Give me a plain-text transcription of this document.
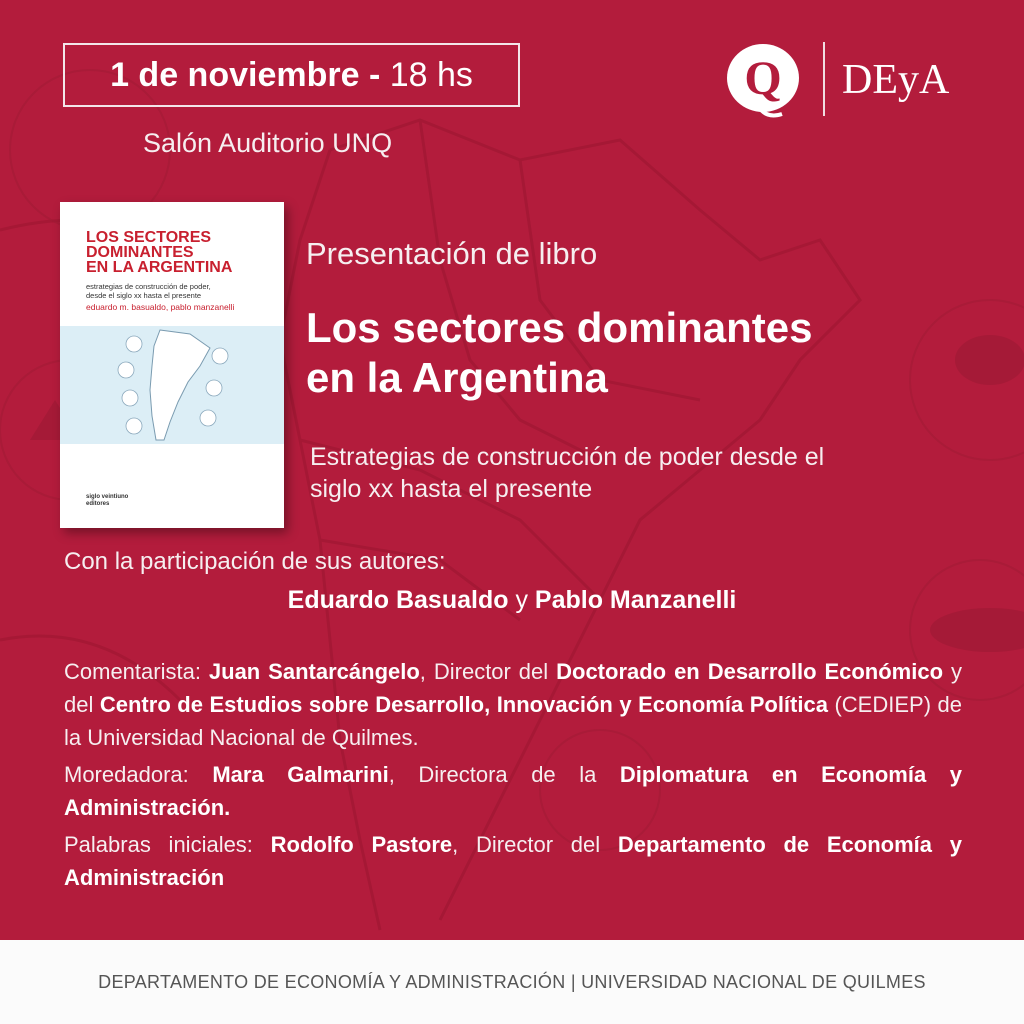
1 de noviembre -
18 hs
Salón Auditorio UNQ
Q DEyA
LOS SECTORES
DOMINANTES
EN LA ARGENTINA
estrategias de construcción de poder,
desde el siglo xx hasta el presente
eduardo m. basualdo, pablo manzanelli
siglo veintiuno
editores
Presentación de libro
Los sectores dominantes
en la Argentina
Estrategias de construcción de poder desde el
siglo xx hasta el presente
Con la participación de sus autores:
Eduardo Basualdo y Pablo Manzanelli

Comentarista: Juan Santarcángelo, Director del Doctorado en Desarrollo Económico y del Centro de Estudios sobre Desarrollo, Innovación y Economía Política (CEDIEP) de la Universidad Nacional de Quilmes.

Moredadora: Mara Galmarini, Directora de la Diplomatura en Economía y Administración.

Palabras iniciales: Rodolfo Pastore, Director del Departamento de Economía y Administración

DEPARTAMENTO DE ECONOMÍA Y ADMINISTRACIÓN | UNIVERSIDAD NACIONAL DE QUILMES
